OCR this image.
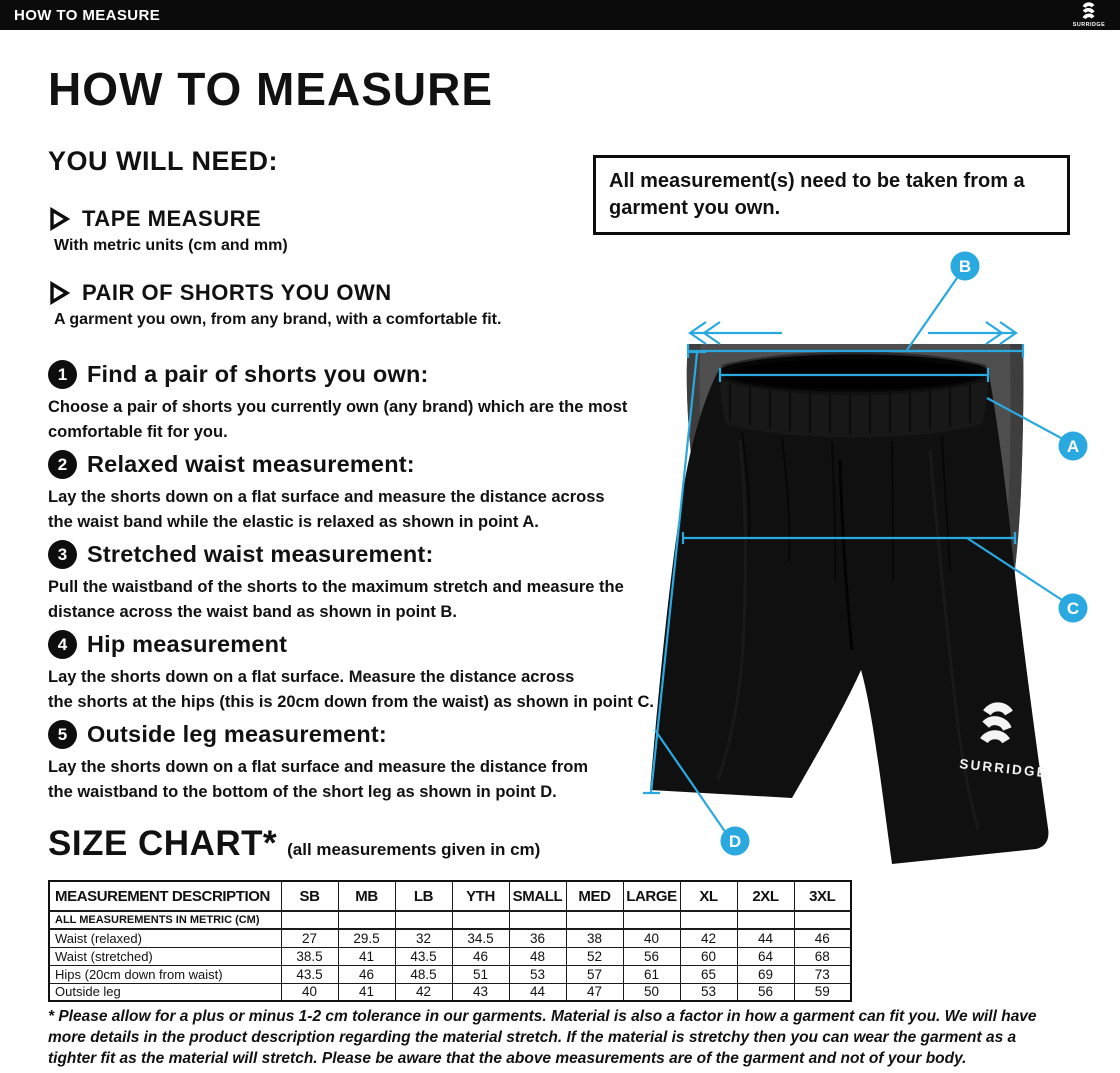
HOW TO MEASURE
SURRIDGE
HOW TO MEASURE
YOU WILL NEED:
TAPE MEASURE
With metric units (cm and mm)
PAIR OF SHORTS YOU OWN
A garment you own, from any brand, with a comfortable fit.
All measurement(s) need to be taken from a
garment you own.
1 Find a pair of shorts you own:
Choose a pair of shorts you currently own (any brand) which are the most
comfortable fit for you.
2 Relaxed waist measurement:
Lay the shorts down on a flat surface and measure the distance across
the waist band while the elastic is relaxed as shown in point A.
3 Stretched waist measurement:
Pull the waistband of the shorts to the maximum stretch and measure the
distance across the waist band as shown in point B.
4 Hip measurement
Lay the shorts down on a flat surface. Measure the distance across
the shorts at the hips (this is 20cm down from the waist) as shown in point C.
5 Outside leg measurement:
Lay the shorts down on a flat surface and measure the distance from
the waistband to the bottom of the short leg as shown in point D.
SURRIDGE
B
A
C
D
SIZE CHART* (all measurements given in cm)
MEASUREMENT DESCRIPTION	SB	MB	LB	YTH	SMALL	MED	LARGE	XL	2XL	3XL
ALL MEASUREMENTS IN METRIC (CM)										
Waist (relaxed)	27	29.5	32	34.5	36	38	40	42	44	46
Waist (stretched)	38.5	41	43.5	46	48	52	56	60	64	68
Hips (20cm down from waist)	43.5	46	48.5	51	53	57	61	65	69	73
Outside leg	40	41	42	43	44	47	50	53	56	59
* Please allow for a plus or minus 1-2 cm tolerance in our garments. Material is also a factor in how a garment can fit you. We will have
more details in the product description regarding the material stretch. If the material is stretchy then you can wear the garment as a
tighter fit as the material will stretch. Please be aware that the above measurements are of the garment and not of your body.
